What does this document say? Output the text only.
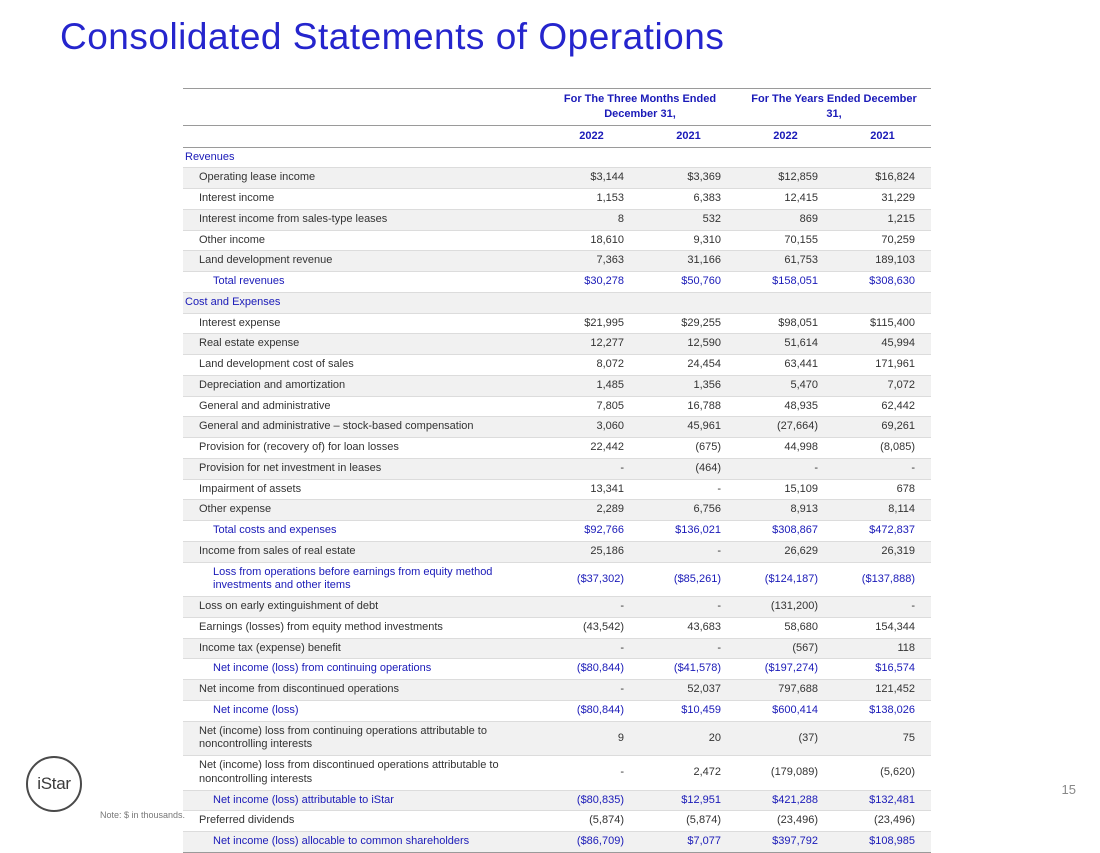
Consolidated Statements of Operations
	For The Three Months Ended December 31,		For The Years Ended December 31,	
	2022	2021	2022	2021
Revenues				
Operating lease income	$3,144	$3,369	$12,859	$16,824
Interest income	1,153	6,383	12,415	31,229
Interest income from sales-type leases	8	532	869	1,215
Other income	18,610	9,310	70,155	70,259
Land development revenue	7,363	31,166	61,753	189,103
Total revenues	$30,278	$50,760	$158,051	$308,630
Cost and Expenses				
Interest expense	$21,995	$29,255	$98,051	$115,400
Real estate expense	12,277	12,590	51,614	45,994
Land development cost of sales	8,072	24,454	63,441	171,961
Depreciation and amortization	1,485	1,356	5,470	7,072
General and administrative	7,805	16,788	48,935	62,442
General and administrative – stock-based compensation	3,060	45,961	(27,664)	69,261
Provision for (recovery of) for loan losses	22,442	(675)	44,998	(8,085)
Provision for net investment in leases	-	(464)	-	-
Impairment of assets	13,341	-	15,109	678
Other expense	2,289	6,756	8,913	8,114
Total costs and expenses	$92,766	$136,021	$308,867	$472,837
Income from sales of real estate	25,186	-	26,629	26,319
Loss from operations before earnings from equity method investments and other items	($37,302)	($85,261)	($124,187)	($137,888)
Loss on early extinguishment of debt	-	-	(131,200)	-
Earnings (losses) from equity method investments	(43,542)	43,683	58,680	154,344
Income tax (expense) benefit	-	-	(567)	118
Net income (loss) from continuing operations	($80,844)	($41,578)	($197,274)	$16,574
Net income from discontinued operations	-	52,037	797,688	121,452
Net income (loss)	($80,844)	$10,459	$600,414	$138,026
Net (income) loss from continuing operations attributable to noncontrolling interests	9	20	(37)	75
Net (income) loss from discontinued operations attributable to noncontrolling interests	-	2,472	(179,089)	(5,620)
Net income (loss) attributable to iStar	($80,835)	$12,951	$421,288	$132,481
Preferred dividends	(5,874)	(5,874)	(23,496)	(23,496)
Net income (loss) allocable to common shareholders	($86,709)	$7,077	$397,792	$108,985
iStar
Note: $ in thousands.
15
